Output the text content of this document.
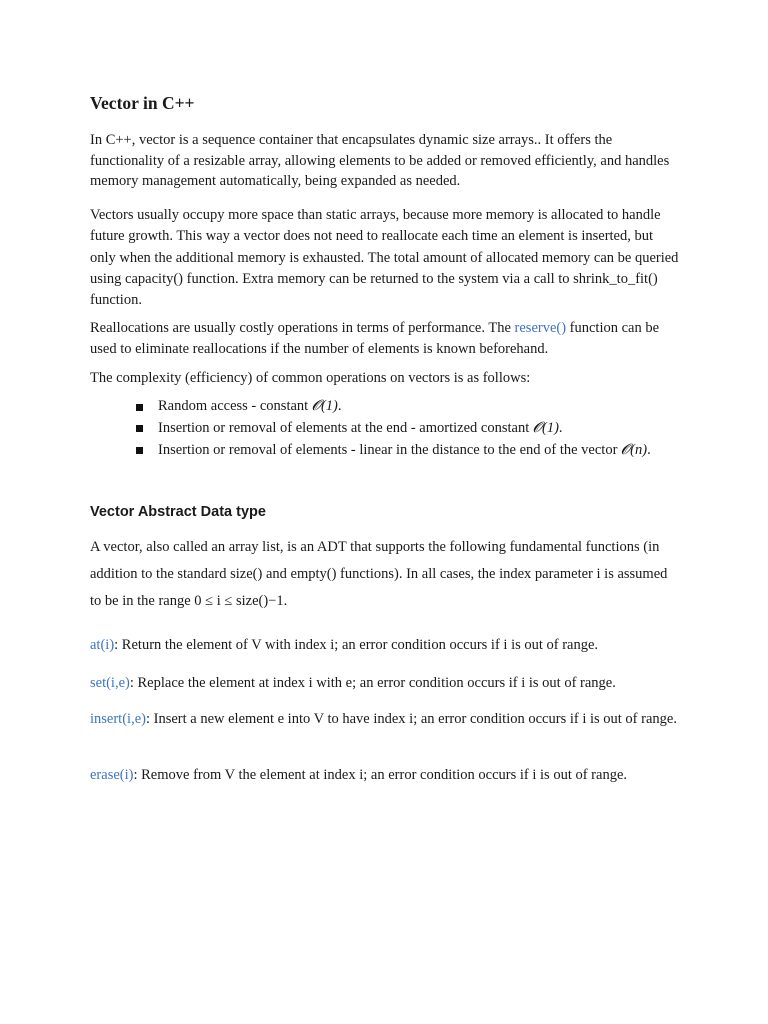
Vector in C++
In C++, vector is a sequence container that encapsulates dynamic size arrays.. It offers the functionality of a resizable array, allowing elements to be added or removed efficiently, and handles memory management automatically, being expanded as needed.
Vectors usually occupy more space than static arrays, because more memory is allocated to handle future growth. This way a vector does not need to reallocate each time an element is inserted, but only when the additional memory is exhausted. The total amount of allocated memory can be queried using capacity() function. Extra memory can be returned to the system via a call to shrink_to_fit() function.
Reallocations are usually costly operations in terms of performance. The reserve() function can be used to eliminate reallocations if the number of elements is known beforehand.
The complexity (efficiency) of common operations on vectors is as follows:
Random access - constant 𝓞(1).
Insertion or removal of elements at the end - amortized constant 𝓞(1).
Insertion or removal of elements - linear in the distance to the end of the vector 𝓞(n).
Vector Abstract Data type
A vector, also called an array list, is an ADT that supports the following fundamental functions (in addition to the standard size() and empty() functions). In all cases, the index parameter i is assumed to be in the range 0 ≤ i ≤ size()−1.
at(i): Return the element of V with index i; an error condition occurs if i is out of range.
set(i,e): Replace the element at index i with e; an error condition occurs if i is out of range.
insert(i,e): Insert a new element e into V to have index i; an error condition occurs if i is out of range.
erase(i): Remove from V the element at index i; an error condition occurs if i is out of range.
